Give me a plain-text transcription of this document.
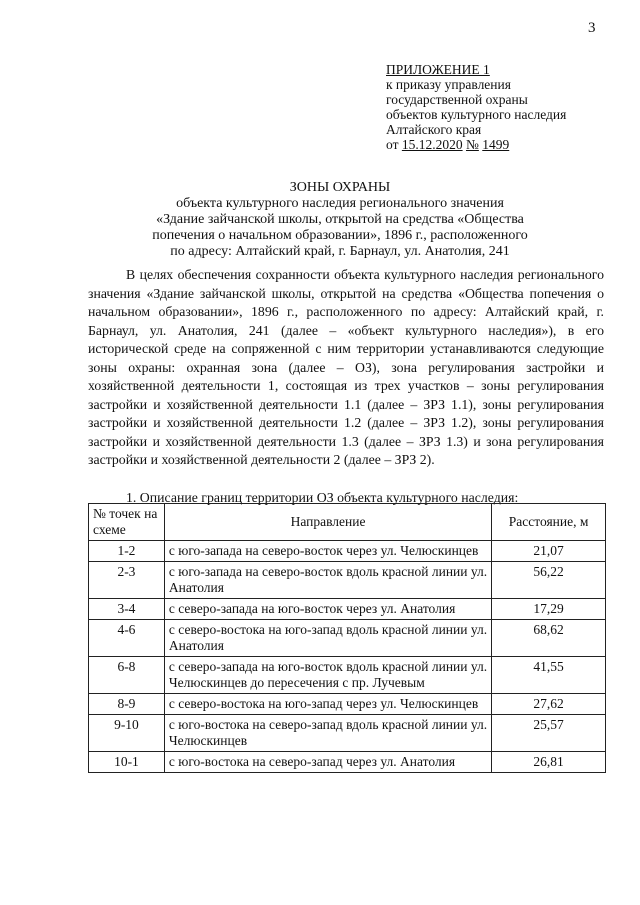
3
ПРИЛОЖЕНИЕ 1
к приказу управления
государственной охраны
объектов культурного наследия
Алтайского края
от 15.12.2020 № 1499
ЗОНЫ ОХРАНЫ
объекта культурного наследия регионального значения
«Здание зайчанской школы, открытой на средства «Общества
попечения о начальном образовании», 1896 г., расположенного
по адресу: Алтайский край, г. Барнаул, ул. Анатолия, 241

В целях обеспечения сохранности объекта культурного наследия регионального значения «Здание зайчанской школы, открытой на средства «Общества попечения о начальном образовании», 1896 г., расположенного по адресу: Алтайский край, г. Барнаул, ул. Анатолия, 241 (далее – «объект культурного наследия»), в его исторической среде на сопряженной с ним территории устанавливаются следующие зоны охраны: охранная зона (далее – ОЗ), зона регулирования застройки и хозяйственной деятельности 1, состоящая из трех участков – зоны регулирования застройки и хозяйственной деятельности 1.1 (далее – ЗРЗ 1.1), зоны регулирования застройки и хозяйственной деятельности 1.2 (далее – ЗРЗ 1.2), зоны регулирования застройки и хозяйственной деятельности 1.3 (далее – ЗРЗ 1.3) и зона регулирования застройки и хозяйственной деятельности 2 (далее – ЗРЗ 2).

1. Описание границ территории ОЗ объекта культурного наследия:
№ точек на схеме	Направление	Расстояние, м
1-2	с юго-запада на северо-восток через ул. Челюскинцев	21,07
2-3	с юго-запада на северо-восток вдоль красной линии ул. Анатолия	56,22
3-4	с северо-запада на юго-восток через ул. Анатолия	17,29
4-6	с северо-востока на юго-запад вдоль красной линии ул. Анатолия	68,62
6-8	с северо-запада на юго-восток вдоль красной линии ул. Челюскинцев до пересечения с пр. Лучевым	41,55
8-9	с северо-востока на юго-запад через ул. Челюскинцев	27,62
9-10	с юго-востока на северо-запад вдоль красной линии ул. Челюскинцев	25,57
10-1	с юго-востока на северо-запад через ул. Анатолия	26,81
